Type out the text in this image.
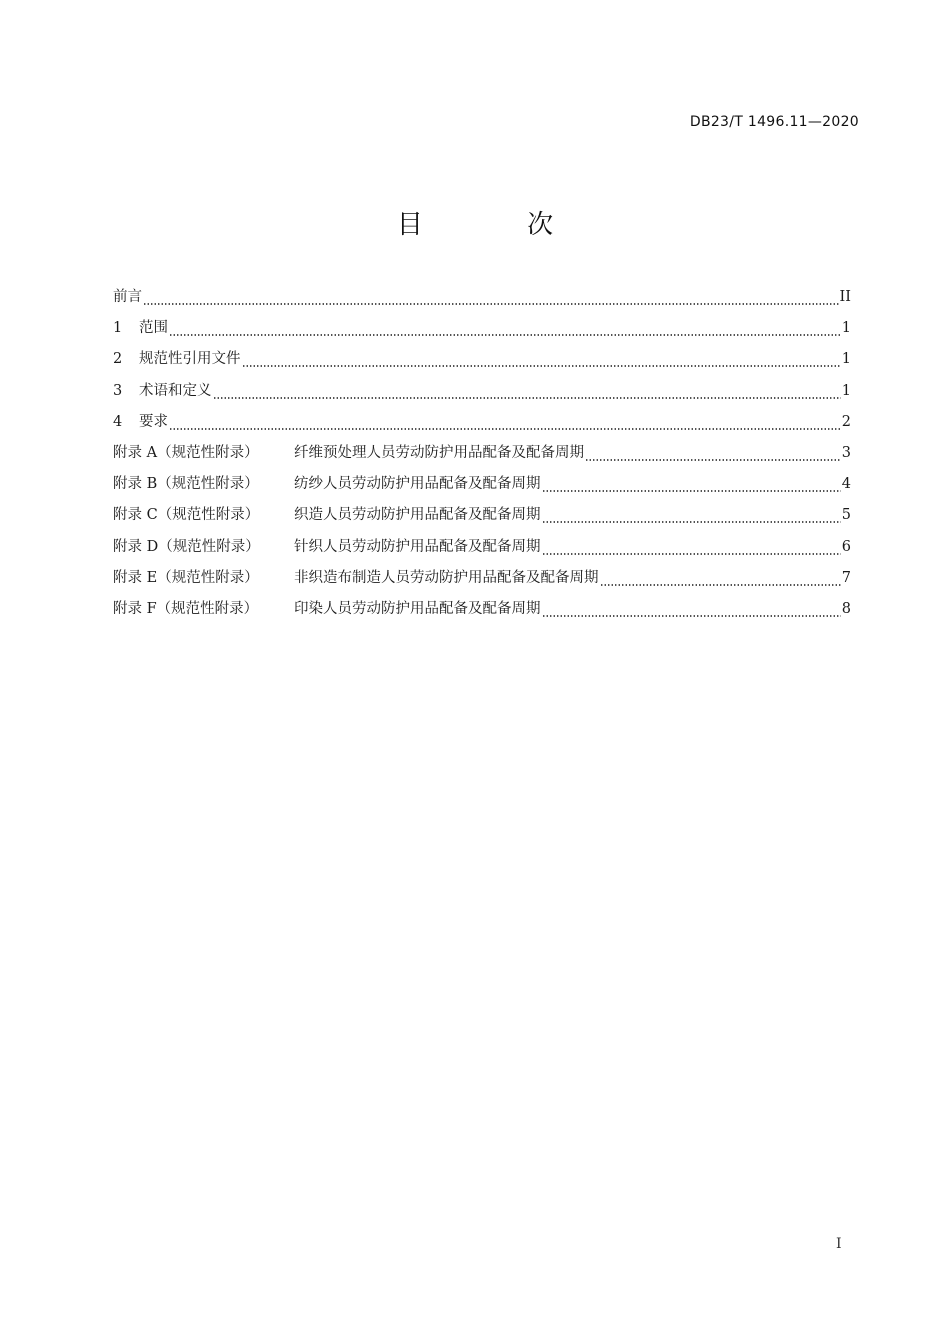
DB23/T 1496.11—2020
目 次
前言	II
1	范围	1
2	规范性引用文件	1
3	术语和定义	1
4	要求	2
附录 A（规范性附录）	纤维预处理人员劳动防护用品配备及配备周期	3
附录 B（规范性附录）	纺纱人员劳动防护用品配备及配备周期	4
附录 C（规范性附录）	织造人员劳动防护用品配备及配备周期	5
附录 D（规范性附录）	针织人员劳动防护用品配备及配备周期	6
附录 E（规范性附录）	非织造布制造人员劳动防护用品配备及配备周期	7
附录 F（规范性附录）	印染人员劳动防护用品配备及配备周期	8
I
